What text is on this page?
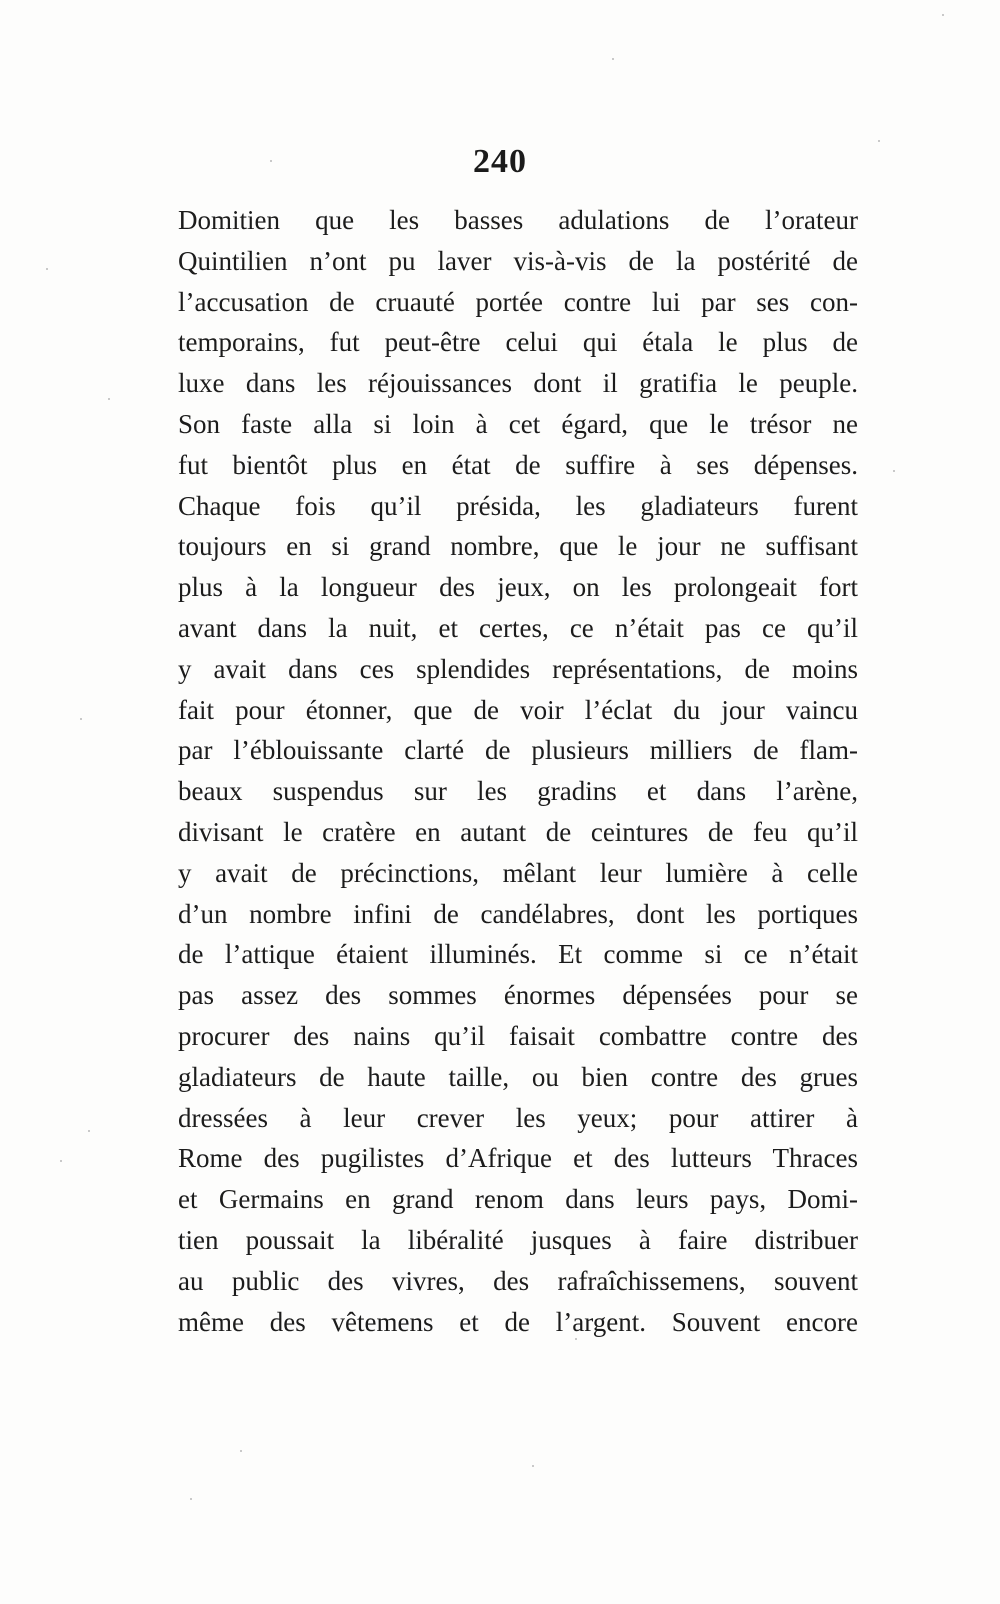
240
Domitien que les basses adulations de l’orateur
Quintilien n’ont pu laver vis-à-vis de la postérité de
l’accusation de cruauté portée contre lui par ses con-
temporains, fut peut-être celui qui étala le plus de
luxe dans les réjouissances dont il gratifia le peuple.
Son faste alla si loin à cet égard, que le trésor ne
fut bientôt plus en état de suffire à ses dépenses.
Chaque fois qu’il présida, les gladiateurs furent
toujours en si grand nombre, que le jour ne suffisant
plus à la longueur des jeux, on les prolongeait fort
avant dans la nuit, et certes, ce n’était pas ce qu’il
y avait dans ces splendides représentations, de moins
fait pour étonner, que de voir l’éclat du jour vaincu
par l’éblouissante clarté de plusieurs milliers de flam-
beaux suspendus sur les gradins et dans l’arène,
divisant le cratère en autant de ceintures de feu qu’il
y avait de précinctions, mêlant leur lumière à celle
d’un nombre infini de candélabres, dont les portiques
de l’attique étaient illuminés. Et comme si ce n’était
pas assez des sommes énormes dépensées pour se
procurer des nains qu’il faisait combattre contre des
gladiateurs de haute taille, ou bien contre des grues
dressées à leur crever les yeux; pour attirer à
Rome des pugilistes d’Afrique et des lutteurs Thraces
et Germains en grand renom dans leurs pays, Domi-
tien poussait la libéralité jusques à faire distribuer
au public des vivres, des rafraîchissemens, souvent
même des vêtemens et de l’argent. Souvent encore
